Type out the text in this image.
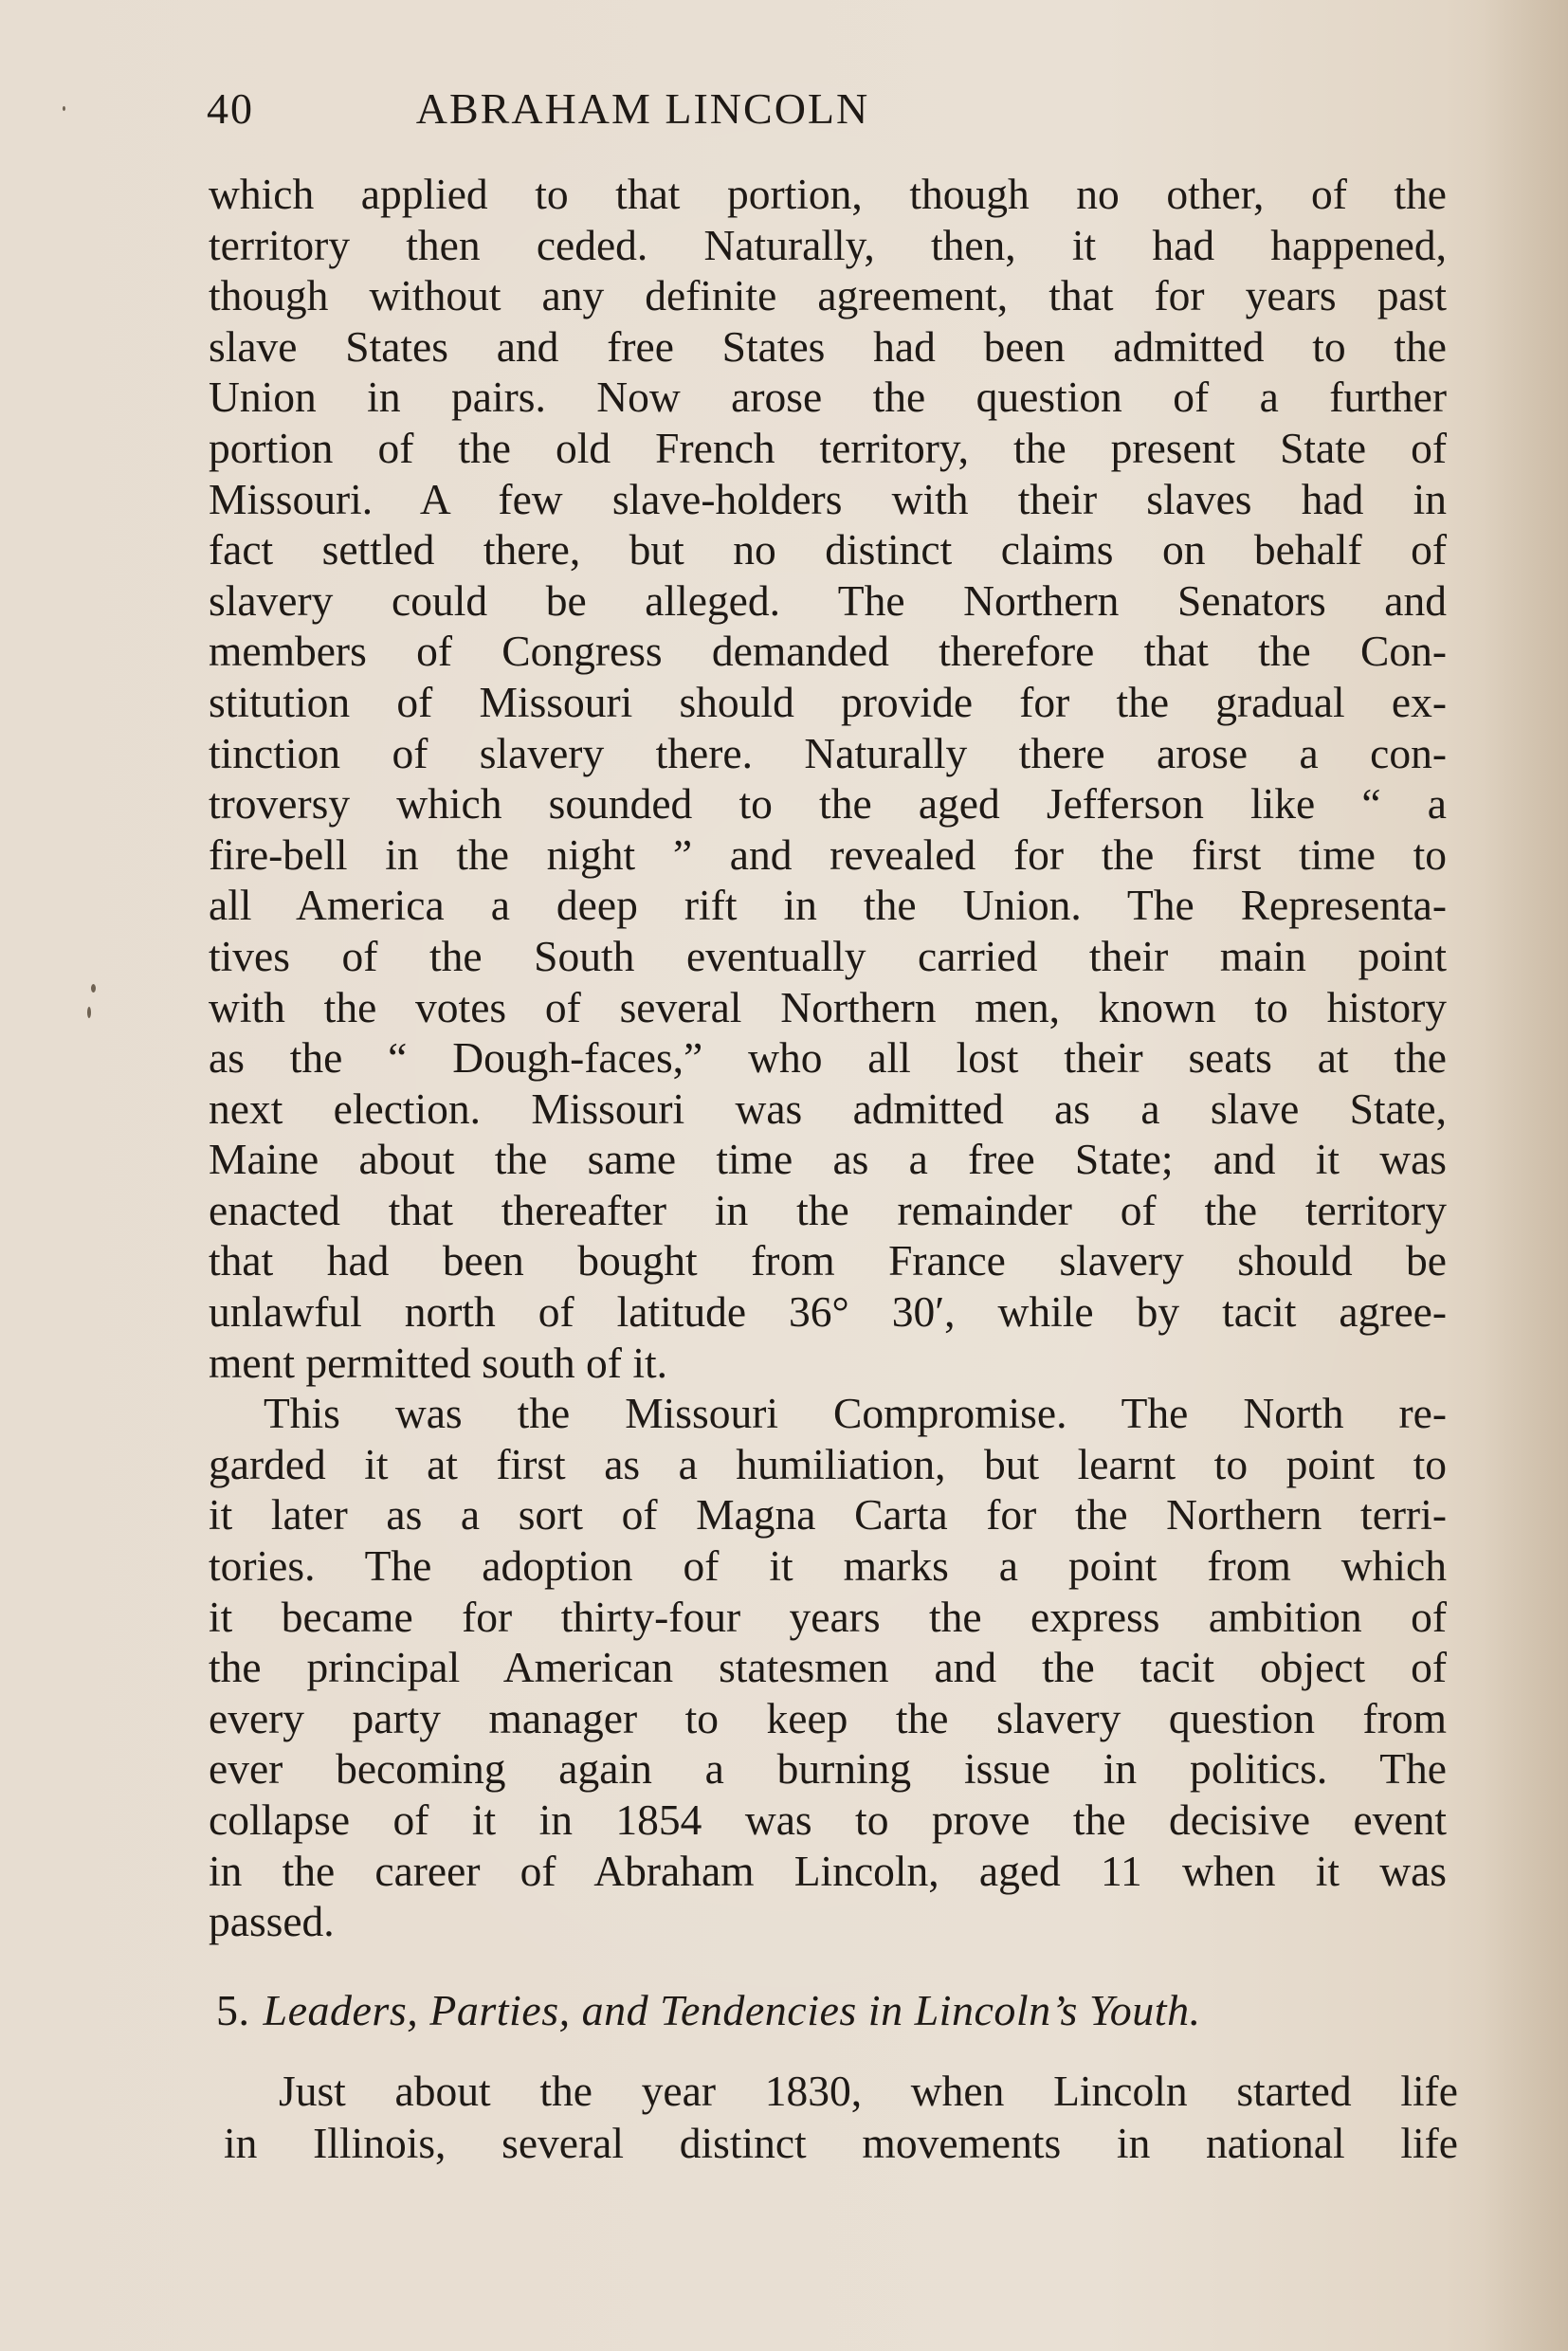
40	ABRAHAM LINCOLN

which applied to that portion, though no other, of the
territory then ceded. Naturally, then, it had happened,
though without any definite agreement, that for years past
slave States and free States had been admitted to the
Union in pairs. Now arose the question of a further
portion of the old French territory, the present State of
Missouri. A few slave-holders with their slaves had in
fact settled there, but no distinct claims on behalf of
slavery could be alleged. The Northern Senators and
members of Congress demanded therefore that the Con-
stitution of Missouri should provide for the gradual ex-
tinction of slavery there. Naturally there arose a con-
troversy which sounded to the aged Jefferson like “ a
fire-bell in the night ” and revealed for the first time to
all America a deep rift in the Union. The Representa-
tives of the South eventually carried their main point
with the votes of several Northern men, known to history
as the “ Dough-faces,” who all lost their seats at the
next election. Missouri was admitted as a slave State,
Maine about the same time as a free State; and it was
enacted that thereafter in the remainder of the territory
that had been bought from France slavery should be
unlawful north of latitude 36° 30′, while by tacit agree-
ment permitted south of it.

This was the Missouri Compromise. The North re-
garded it at first as a humiliation, but learnt to point to
it later as a sort of Magna Carta for the Northern terri-
tories. The adoption of it marks a point from which
it became for thirty-four years the express ambition of
the principal American statesmen and the tacit object of
every party manager to keep the slavery question from
ever becoming again a burning issue in politics. The
collapse of it in 1854 was to prove the decisive event
in the career of Abraham Lincoln, aged 11 when it was
passed.

5. Leaders, Parties, and Tendencies in Lincoln’s Youth.
Just about the year 1830, when Lincoln started life
in Illinois, several distinct movements in national life
